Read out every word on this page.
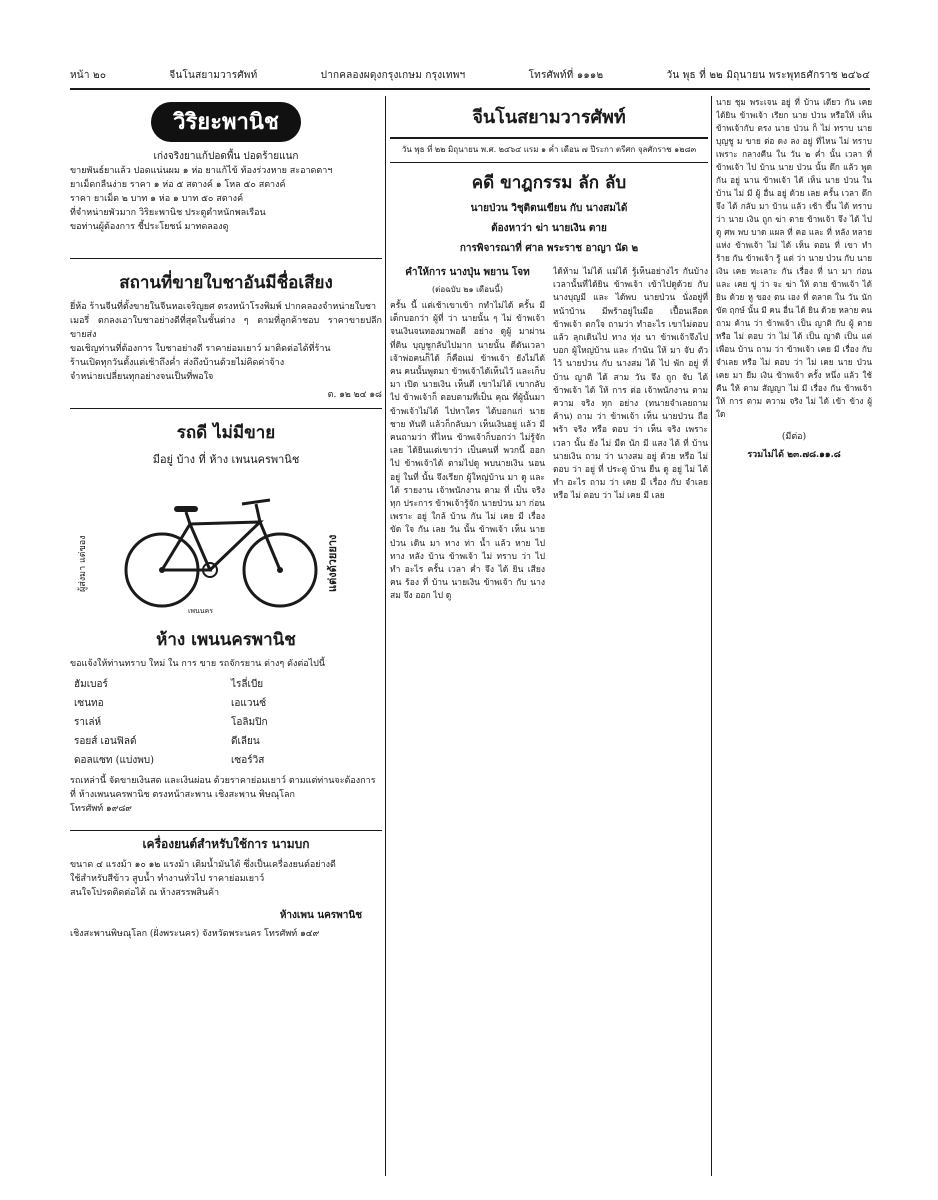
หน้า ๒๐	จีนโนสยามวารศัพท์	ปากคลองผดุงกรุงเกษม กรุงเทพฯ	โทรศัพท์ที่ ๑๑๑๒	วัน พุธ ที่ ๒๒ มิถุนายน พระพุทธศักราช ๒๔๖๔
วิริยะพานิช
เก่งจริงยาแก้ปอดพื้น ปอดร้ายแนก
ขายพันธ์ยาแล้ว ปอดแน่นผม ๑ ห่อ ยาแก้ไข้ ท้องร่วงหาย สะอาดตาฯ
ยาเม็ดกลืนง่าย ราคา ๑ ห่อ ๕ สตางค์ ๑ โหล ๕๐ สตางค์
ราคา ยาเม็ด ๒ บาท ๑ ห่อ ๑ บาท ๕๐ สตางค์
ที่จำหน่ายพัวมาก วิริยะพานิช ประตูตำหนักพลเรือน
ขอท่านผู้ต้องการ ชี้ประโยชน์ มาทดลองดู
สถานที่ขายใบชาอันมีชื่อเสียง
ยี่ห้อ ร้านจีนที่ตั้งขายในจีนหอเจริญยศ ตรงหน้าโรงพิมพ์ ปากคลองจำหน่ายใบชา
เมอรี่ ตกลงเอาใบชาอย่างดีที่สุดในชั้นต่าง ๆ ตามที่ลูกค้าชอบ ราคาขายปลีกขายส่ง
ขอเชิญท่านที่ต้องการ ใบชาอย่างดี ราคาย่อมเยาว์ มาติดต่อได้ที่ร้าน
ร้านเปิดทุกวันตั้งแต่เช้าถึงค่ำ ส่งถึงบ้านด้วยไม่คิดค่าจ้าง
จำหน่ายเปลี่ยนทุกอย่างจนเป็นที่พอใจ
ต. ๑๒ ๒๔ ๑๘
รถดี ไม่มีขาย
มีอยู่ บ้าง ที่ ห้าง เพนนครพานิช
ผู้ส่งมา แต่ของ	แต่งด้วยยาง
เพนนคร
ห้าง เพนนครพานิช
ขอแจ้งให้ท่านทราบ ใหม่ ใน การ ขาย รถจักรยาน ต่างๆ ดังต่อไปนี้
ฮัมเบอร์	ไรลี่เบีย
เซนทอ	เอแวนซ์
ราเล่ห์	โอลิมปิก
รอยส์ เอนฟิลด์	ดีเลียน
ดอลแซท (แบ่งพบ)	เซอร์วิส
รถเหล่านี้ จัดขายเงินสด และเงินผ่อน ด้วยราคาย่อมเยาว์ ตามแต่ท่านจะต้องการ
ที่ ห้างเพนนครพานิช ตรงหน้าสะพาน เชิงสะพาน พิษณุโลก
โทรศัพท์ ๑๙๘๙
เครื่องยนต์สำหรับใช้การ นามบก
ขนาด ๔ แรงม้า ๑๐ ๑๒ แรงม้า เติมน้ำมันได้ ซึ่งเป็นเครื่องยนต์อย่างดี
ใช้สำหรับสีข้าว สูบน้ำ ทำงานทั่วไป ราคาย่อมเยาว์
สนใจโปรดติดต่อได้ ณ ห้างสรรพสินค้า
ห้างเพน นครพานิช
เชิงสะพานพิษณุโลก (ฝั่งพระนคร) จังหวัดพระนคร โทรศัพท์ ๑๔๙
จีนโนสยามวารศัพท์
วัน พุธ ที่ ๒๒ มิถุนายน พ.ศ. ๒๔๖๔ แรม ๑ ค่ำ เดือน ๗ ปีระกา ตรีศก จุลศักราช ๑๒๘๓
คดี ขาฎกรรม ลัก ลับ
นายป่วน วิชุติตนเขียน กับ นางสมได้
ต้องหาว่า ฆ่า นายเงิน ตาย
การพิจารณาที่ ศาล พระราช อาญา นัด ๒
คำให้การ นางปุ่น พยาน โจท
(ต่อฉบับ ๒๑ เดือนนี้)
ครั้น นี้ แต่เช้าเขาเข้า กทำไม่ได้ ครั้น มีเด็กบอกว่า ผู้ที่ ว่า นายนั้น ๆ ไม่ ข้าพเจ้า จนเงินจนทองมาพอดี อย่าง ดูผู้ มาผ่านที่ดิน บุญชูกลับไปมาก นายนั้น ดีดันเวลาเจ้าพ่อคนก็ได้ ก็คือแม่ ข้าพเจ้า ยังไม่ได้ คน คนนั้นพูดมา ข้าพเจ้าได้เห็นไว้ และเก็บมา เปิด นายเงิน เห็นดี เขาไม่ได้ เขากลับไป ข้าพเจ้าก็ ตอบตามที่เป็น คุณ ที่ผู้นั้นมา ข้าพเจ้าไม่ได้ ไปหาใคร ได้บอกแก่ นายชาย ทันที แล้วก็กลับมา เห็นเงินอยู่ แล้ว มีคนถามว่า ที่ไหน ข้าพเจ้าก็บอกว่า ไม่รู้จักเลย ได้ยินแต่เขาว่า เป็นคนที่ พวกนี้ ออกไป ข้าพเจ้าได้ ตามไปดู พบนายเงิน นอนอยู่ ในที่ นั้น จึงเรียก ผู้ใหญ่บ้าน มา ดู และ ได้ รายงาน เจ้าพนักงาน ตาม ที่ เป็น จริง ทุก ประการ ข้าพเจ้ารู้จัก นายป่วน มา ก่อน เพราะ อยู่ ใกล้ บ้าน กัน ไม่ เคย มี เรื่อง ขัด ใจ กัน เลย วัน นั้น ข้าพเจ้า เห็น นายป่วน เดิน มา ทาง ท่า น้ำ แล้ว หาย ไป ทาง หลัง บ้าน ข้าพเจ้า ไม่ ทราบ ว่า ไป ทำ อะไร ครั้น เวลา ค่ำ จึง ได้ ยิน เสียง คน ร้อง ที่ บ้าน นายเงิน ข้าพเจ้า กับ นางสม จึง ออก ไป ดู
ได้ห้าม ไม่ได้ แม่ได้ รู้เห็นอย่างไร กันบ้าง เวลานั้นที่ได้ยิน ข้าพเจ้า เข้าไปดูด้วย กับนางบุญมี และ ได้พบ นายป่วน นั่งอยู่ที่ หน้าบ้าน มีพร้าอยู่ในมือ เปื้อนเลือด ข้าพเจ้า ตกใจ ถามว่า ทำอะไร เขาไม่ตอบ แล้ว ลุกเดินไป ทาง ทุ่ง นา ข้าพเจ้าจึงไป บอก ผู้ใหญ่บ้าน และ กำนัน ให้ มา จับ ตัว ไว้ นายป่วน กับ นางสม ได้ ไป พัก อยู่ ที่ บ้าน ญาติ ได้ สาม วัน จึง ถูก จับ ได้ ข้าพเจ้า ได้ ให้ การ ต่อ เจ้าพนักงาน ตาม ความ จริง ทุก อย่าง (ทนายจำเลยถามค้าน) ถาม ว่า ข้าพเจ้า เห็น นายป่วน ถือ พร้า จริง หรือ ตอบ ว่า เห็น จริง เพราะ เวลา นั้น ยัง ไม่ มืด นัก มี แสง ไต้ ที่ บ้าน นายเงิน ถาม ว่า นางสม อยู่ ด้วย หรือ ไม่ ตอบ ว่า อยู่ ที่ ประตู บ้าน ยืน ดู อยู่ ไม่ ได้ ทำ อะไร ถาม ว่า เคย มี เรื่อง กับ จำเลย หรือ ไม่ ตอบ ว่า ไม่ เคย มี เลย
นาย ชุม พระเจน อยู่ ที่ บ้าน เดียว กัน เคยได้ยิน ข้าพเจ้า เรียก นาย ป่วน หรือให้ เห็น ข้าพเจ้ากับ ตรง นาย ป่วน ก็ ไม่ ทราบ นาย บุญชู ม ขาย ต่อ ดง ลง อยู่ ที่ไหน ไม่ ทราบ เพราะ กลางคืน ใน วัน ๒ ค่ำ นั้น เวลา ที่ ข้าพเจ้า ไป บ้าน นาย ป่วน นั้น ดึก แล้ว พูด กัน อยู่ นาน ข้าพเจ้า ได้ เห็น นาย ป่วน ใน บ้าน ไม่ มี ผู้ อื่น อยู่ ด้วย เลย ครั้น เวลา ดึก จึง ได้ กลับ มา บ้าน แล้ว เช้า ขึ้น ได้ ทราบ ว่า นาย เงิน ถูก ฆ่า ตาย ข้าพเจ้า จึง ได้ ไป ดู ศพ พบ บาด แผล ที่ คอ และ ที่ หลัง หลาย แห่ง ข้าพเจ้า ไม่ ได้ เห็น ตอน ที่ เขา ทำ ร้าย กัน ข้าพเจ้า รู้ แต่ ว่า นาย ป่วน กับ นาย เงิน เคย ทะเลาะ กัน เรื่อง ที่ นา มา ก่อน และ เคย ขู่ ว่า จะ ฆ่า ให้ ตาย ข้าพเจ้า ได้ ยิน ด้วย หู ของ ตน เอง ที่ ตลาด ใน วัน นัก ขัต ฤกษ์ นั้น มี คน อื่น ได้ ยิน ด้วย หลาย คน ถาม ค้าน ว่า ข้าพเจ้า เป็น ญาติ กับ ผู้ ตาย หรือ ไม่ ตอบ ว่า ไม่ ได้ เป็น ญาติ เป็น แต่ เพื่อน บ้าน ถาม ว่า ข้าพเจ้า เคย มี เรื่อง กับ จำเลย หรือ ไม่ ตอบ ว่า ไม่ เคย นาย ป่วน เคย มา ยืม เงิน ข้าพเจ้า ครั้ง หนึ่ง แล้ว ใช้ คืน ให้ ตาม สัญญา ไม่ มี เรื่อง กัน ข้าพเจ้า ให้ การ ตาม ความ จริง ไม่ ได้ เข้า ข้าง ผู้ ใด
(มีต่อ)
รวมไม่ได้ ๒๓.๗๘.๑๑.๘
